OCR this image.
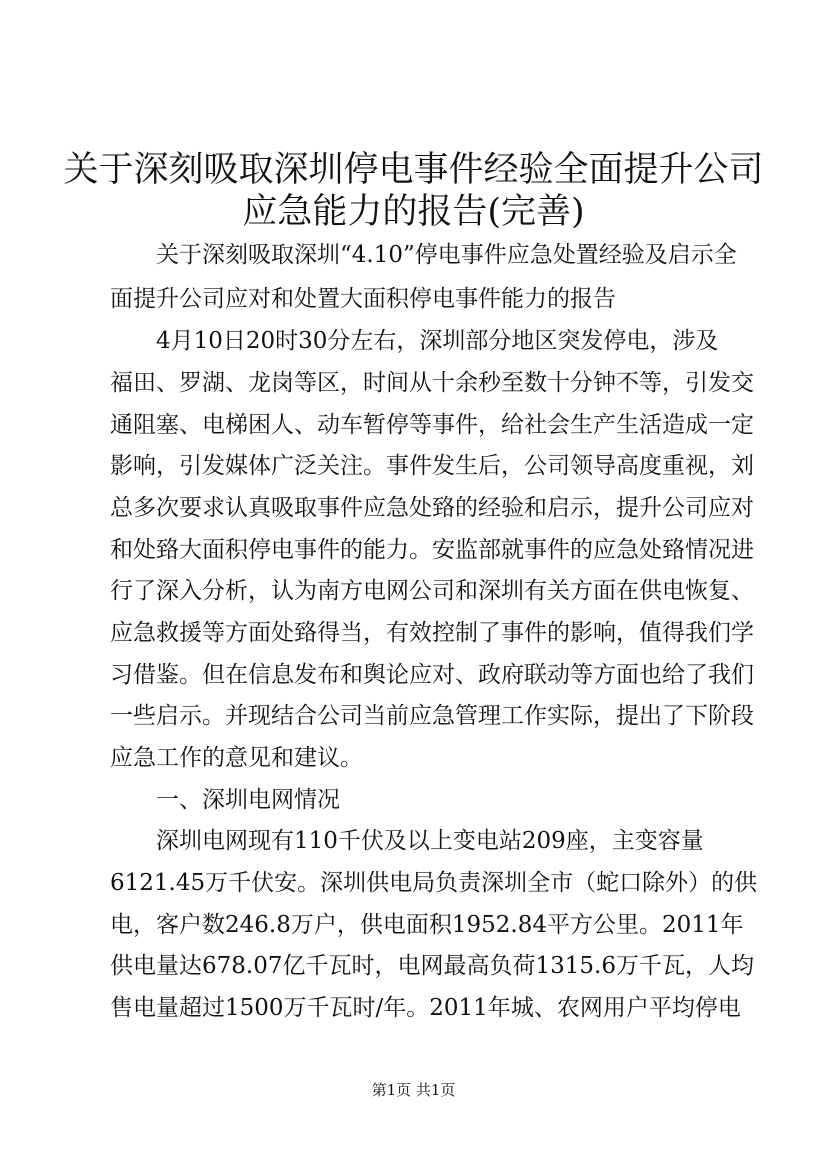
关于深刻吸取深圳停电事件经验全面提升公司
应急能力的报告(完善)

关于深刻吸取深圳“4.10”停电事件应急处置经验及启示全

面提升公司应对和处置大面积停电事件能力的报告

4月10日20时30分左右，深圳部分地区突发停电，涉及

福田、罗湖、龙岗等区，时间从十余秒至数十分钟不等，引发交

通阻塞、电梯困人、动车暂停等事件，给社会生产生活造成一定

影响，引发媒体广泛关注。事件发生后，公司领导高度重视，刘

总多次要求认真吸取事件应急处臵的经验和启示，提升公司应对

和处臵大面积停电事件的能力。安监部就事件的应急处臵情况进

行了深入分析，认为南方电网公司和深圳有关方面在供电恢复、

应急救援等方面处臵得当，有效控制了事件的影响，值得我们学

习借鉴。但在信息发布和舆论应对、政府联动等方面也给了我们

一些启示。并现结合公司当前应急管理工作实际，提出了下阶段

应急工作的意见和建议。

一、深圳电网情况

深圳电网现有110千伏及以上变电站209座，主变容量

6121.45万千伏安。深圳供电局负责深圳全市（蛇口除外）的供

电，客户数246.8万户，供电面积1952.84平方公里。2011年

供电量达678.07亿千瓦时，电网最高负荷1315.6万千瓦，人均

售电量超过1500万千瓦时/年。2011年城、农网用户平均停电

第1页 共1页
